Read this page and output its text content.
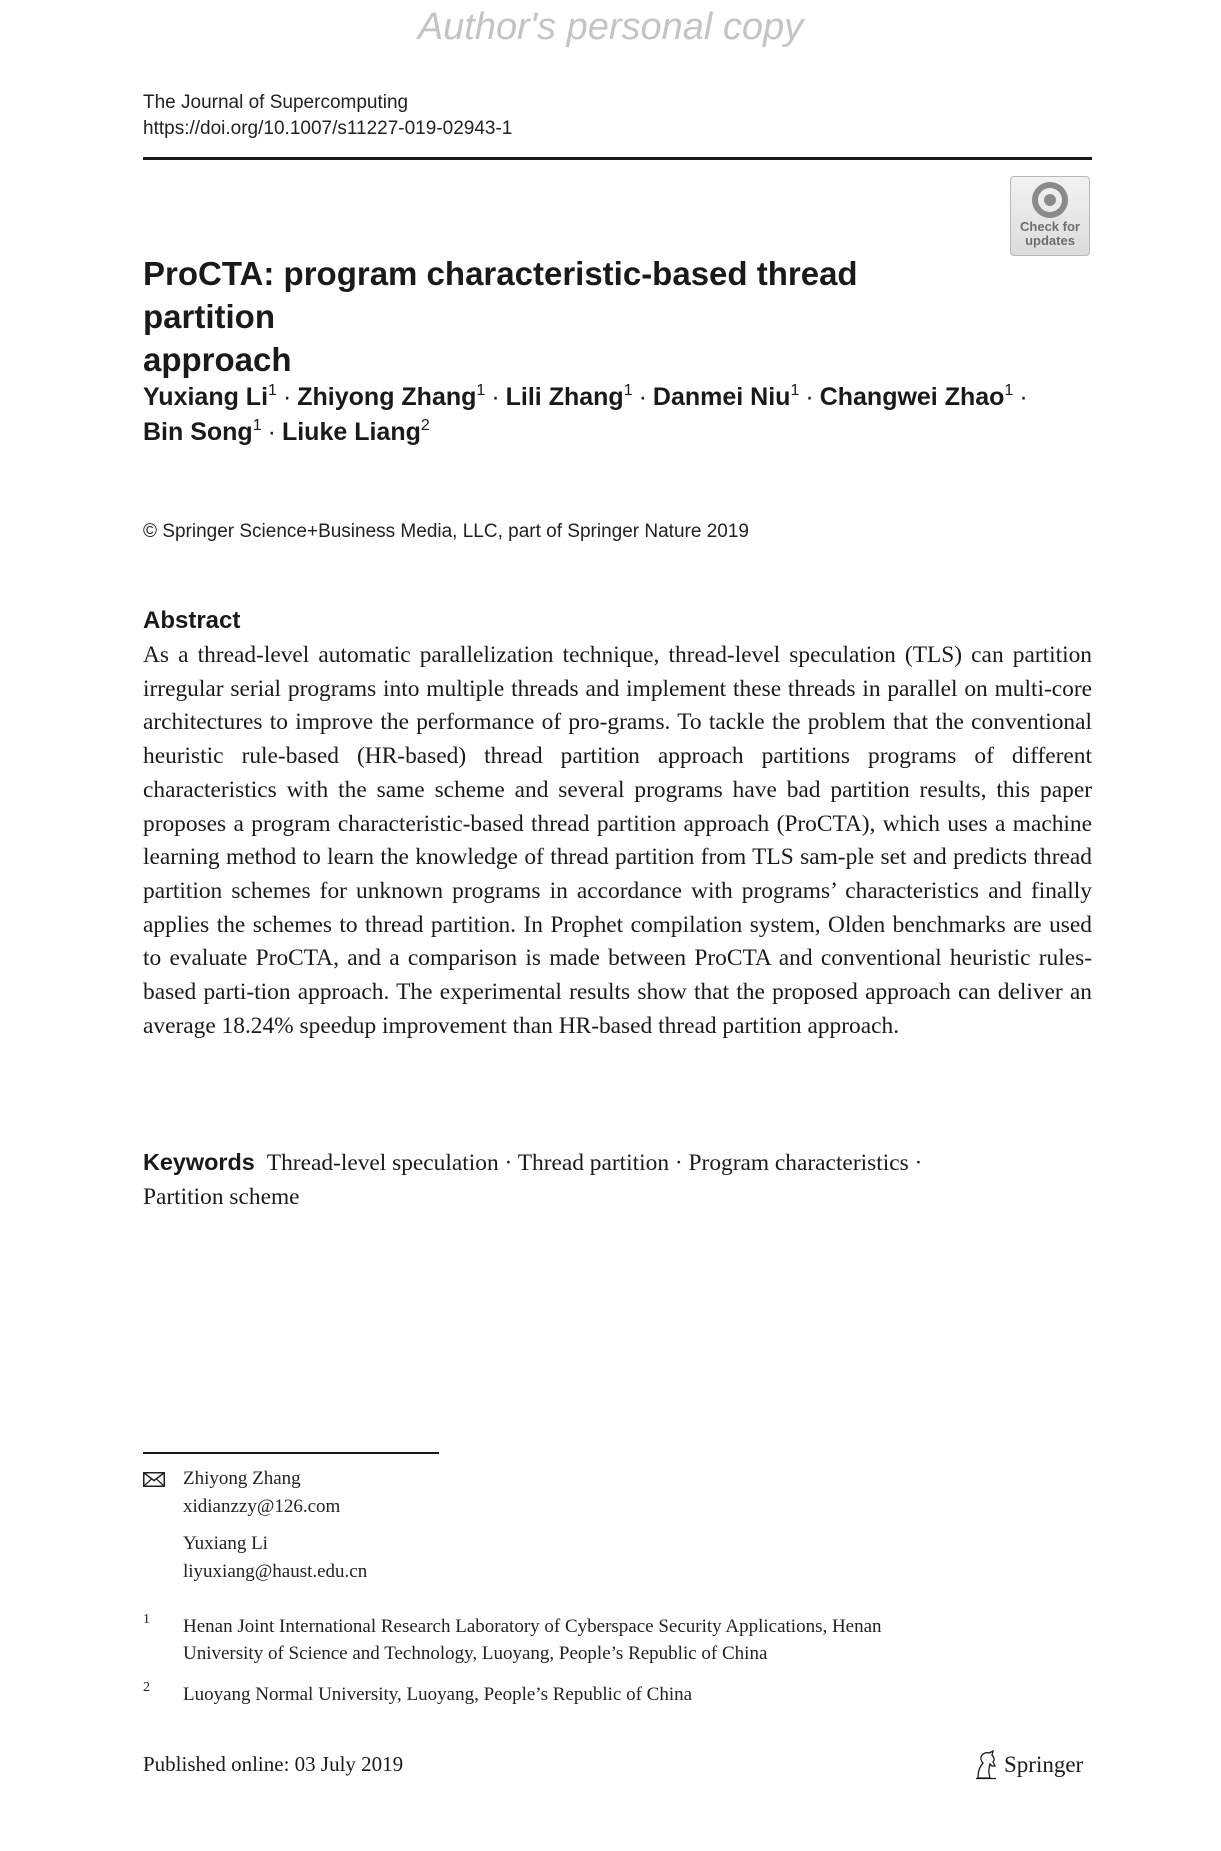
Author's personal copy
The Journal of Supercomputing
https://doi.org/10.1007/s11227-019-02943-1
Check for
updates
ProCTA: program characteristic-based thread partition
approach
Yuxiang $Li^1$ · Zhiyong Zhang$^1$ · Lili Zhang$^1$ · Danmei Niu$^1$ · Changwei Zhao$^1$ ·
Bin Song$^1$ · Liuke Liang$^2$
© Springer Science+Business Media, LLC, part of Springer Nature 2019
Abstract

As a thread-level automatic parallelization technique, thread-level speculation (TLS) can partition irregular serial programs into multiple threads and implement these threads in parallel on multi-core architectures to improve the performance of pro-grams. To tackle the problem that the conventional heuristic rule-based (HR-based) thread partition approach partitions programs of different characteristics with the same scheme and several programs have bad partition results, this paper proposes a program characteristic-based thread partition approach (ProCTA), which uses a machine learning method to learn the knowledge of thread partition from TLS sam-ple set and predicts thread partition schemes for unknown programs in accordance with programs’ characteristics and finally applies the schemes to thread partition. In Prophet compilation system, Olden benchmarks are used to evaluate ProCTA, and a comparison is made between ProCTA and conventional heuristic rules-based parti-tion approach. The experimental results show that the proposed approach can deliver an average 18.24% speedup improvement than HR-based thread partition approach.

Keywords Thread-level speculation · Thread partition · Program characteristics ·
Partition scheme
Zhiyong Zhang
xidianzzy@126.com
Yuxiang Li
liyuxiang@haust.edu.cn
1 Henan Joint International Research Laboratory of Cyberspace Security Applications, Henan
University of Science and Technology, Luoyang, People’s Republic of China
2 Luoyang Normal University, Luoyang, People’s Republic of China
Published online: 03 July 2019	Springer
